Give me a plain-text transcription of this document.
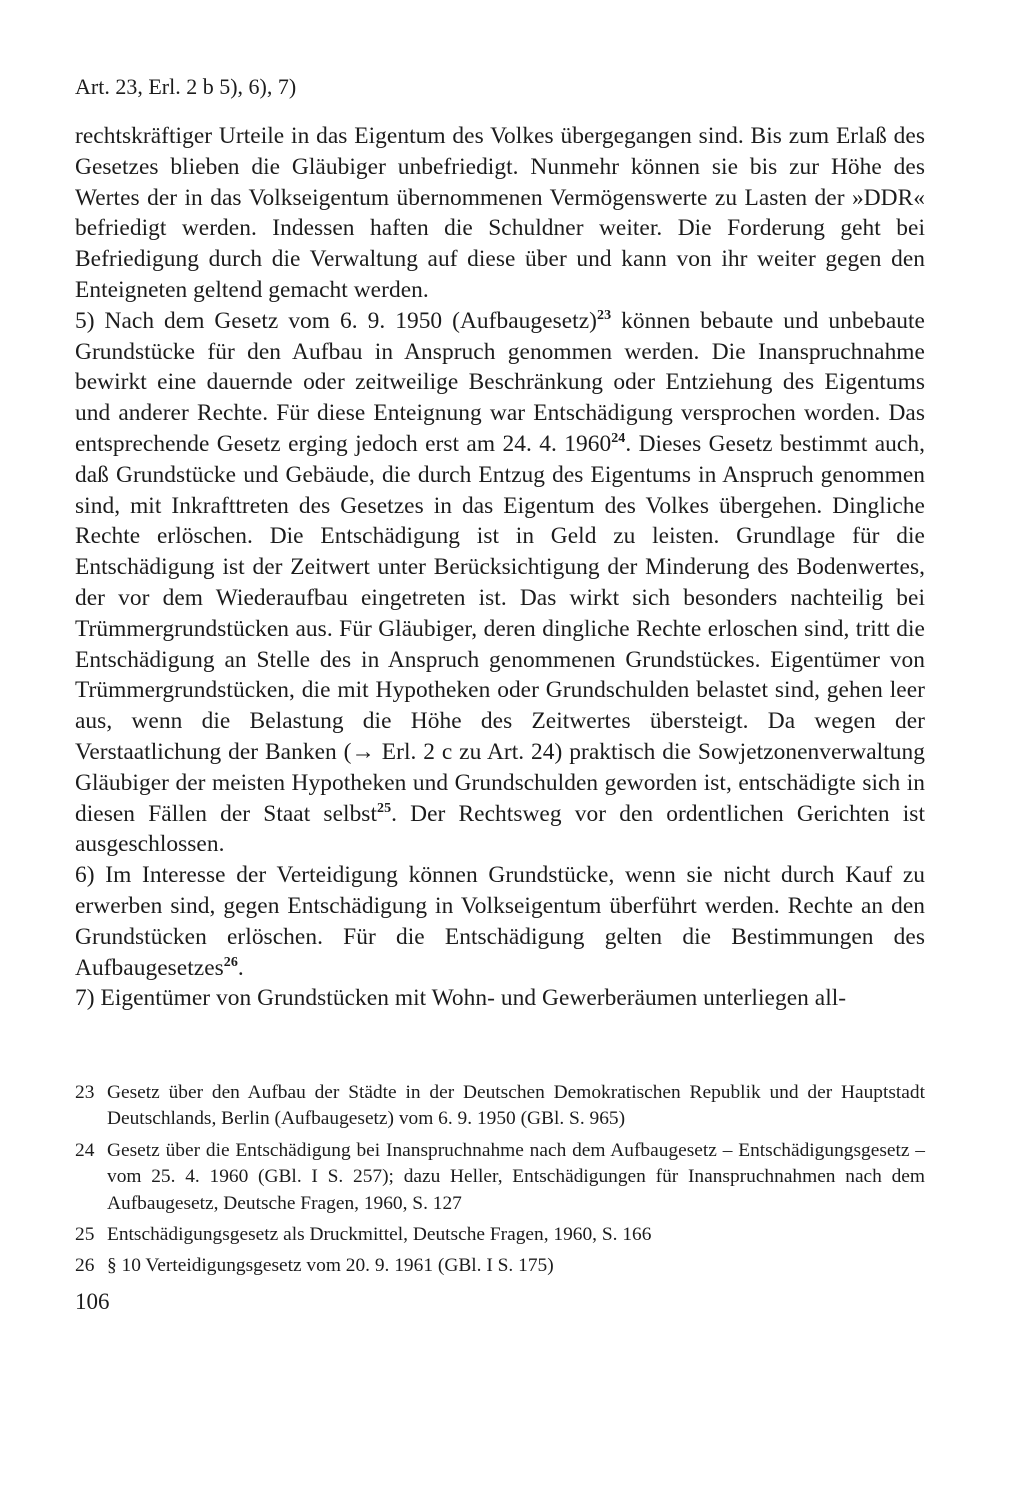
Art. 23, Erl. 2 b 5), 6), 7)

rechtskräftiger Urteile in das Eigentum des Volkes übergegangen sind. Bis zum Erlaß des Gesetzes blieben die Gläubiger unbefriedigt. Nunmehr können sie bis zur Höhe des Wertes der in das Volkseigentum übernommenen Vermögenswerte zu Lasten der »DDR« befriedigt werden. Indessen haften die Schuldner weiter. Die Forderung geht bei Befriedigung durch die Verwaltung auf diese über und kann von ihr weiter gegen den Enteigneten geltend gemacht werden.

5) Nach dem Gesetz vom 6. 9. 1950 (Aufbaugesetz)$^{23}$ können bebaute und unbebaute Grundstücke für den Aufbau in Anspruch genommen werden. Die Inanspruchnahme bewirkt eine dauernde oder zeitweilige Beschränkung oder Entziehung des Eigentums und anderer Rechte. Für diese Enteignung war Entschädigung versprochen worden. Das entsprechende Gesetz erging jedoch erst am 24. 4. 1960$^{24}$. Dieses Gesetz bestimmt auch, daß Grundstücke und Gebäude, die durch Entzug des Eigentums in Anspruch genommen sind, mit Inkrafttreten des Gesetzes in das Eigentum des Volkes übergehen. Dingliche Rechte erlöschen. Die Entschädigung ist in Geld zu leisten. Grundlage für die Entschädigung ist der Zeitwert unter Berücksichtigung der Minderung des Bodenwertes, der vor dem Wiederaufbau eingetreten ist. Das wirkt sich besonders nachteilig bei Trümmergrundstücken aus. Für Gläubiger, deren dingliche Rechte erloschen sind, tritt die Entschädigung an Stelle des in Anspruch genommenen Grundstückes. Eigentümer von Trümmergrundstücken, die mit Hypotheken oder Grundschulden belastet sind, gehen leer aus, wenn die Belastung die Höhe des Zeitwertes übersteigt. Da wegen der Verstaatlichung der Banken (→ Erl. 2 c zu Art. 24) praktisch die Sowjetzonenverwaltung Gläubiger der meisten Hypotheken und Grundschulden geworden ist, entschädigte sich in diesen Fällen der Staat selbst$^{25}$. Der Rechtsweg vor den ordentlichen Gerichten ist ausgeschlossen.

6) Im Interesse der Verteidigung können Grundstücke, wenn sie nicht durch Kauf zu erwerben sind, gegen Entschädigung in Volkseigentum überführt werden. Rechte an den Grundstücken erlöschen. Für die Entschädigung gelten die Bestimmungen des Aufbaugesetzes$^{26}$.

7) Eigentümer von Grundstücken mit Wohn- und Gewerberäumen unterliegen all-

23 Gesetz über den Aufbau der Städte in der Deutschen Demokratischen Republik und der Hauptstadt Deutschlands, Berlin (Aufbaugesetz) vom 6. 9. 1950 (GBl. S. 965)
24 Gesetz über die Entschädigung bei Inanspruchnahme nach dem Aufbaugesetz – Entschädigungsgesetz – vom 25. 4. 1960 (GBl. I S. 257); dazu Heller, Entschädigungen für Inanspruchnahmen nach dem Aufbaugesetz, Deutsche Fragen, 1960, S. 127
25 Entschädigungsgesetz als Druckmittel, Deutsche Fragen, 1960, S. 166
26 § 10 Verteidigungsgesetz vom 20. 9. 1961 (GBl. I S. 175)
106
